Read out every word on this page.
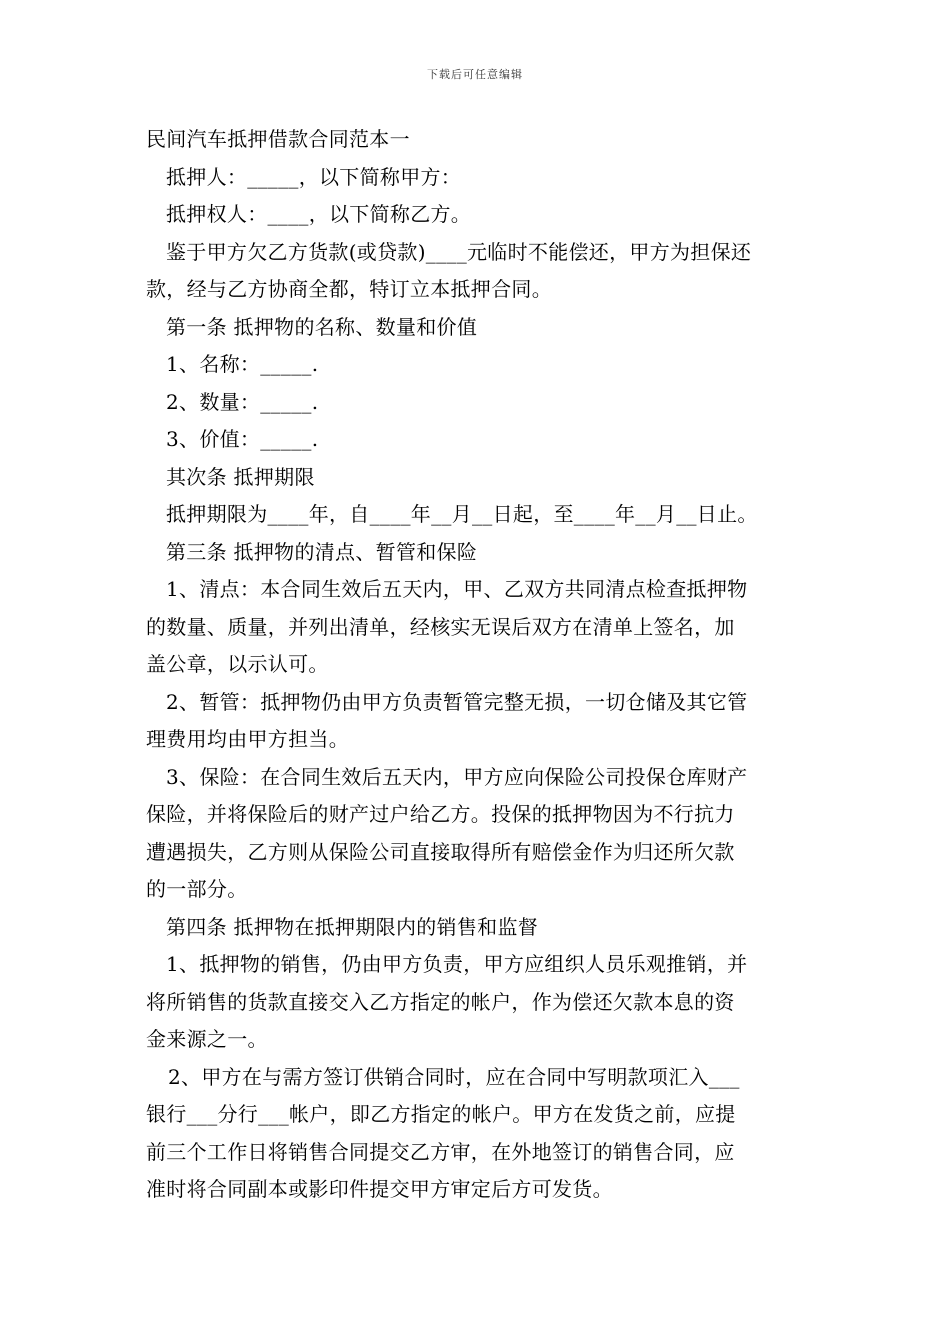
下载后可任意编辑

民间汽车抵押借款合同范本一

抵押人：_____，以下简称甲方：

抵押权人：____，以下简称乙方。

鉴于甲方欠乙方货款(或贷款)____元临时不能偿还，甲方为担保还

款，经与乙方协商全都，特订立本抵押合同。

第一条 抵押物的名称、数量和价值

1、名称：_____.

2、数量：_____.

3、价值：_____.

其次条 抵押期限

抵押期限为____年，自____年__月__日起，至____年__月__日止。

第三条 抵押物的清点、暂管和保险

1、清点：本合同生效后五天内，甲、乙双方共同清点检查抵押物

的数量、质量，并列出清单，经核实无误后双方在清单上签名，加

盖公章，以示认可。

2、暂管：抵押物仍由甲方负责暂管完整无损，一切仓储及其它管

理费用均由甲方担当。

3、保险：在合同生效后五天内，甲方应向保险公司投保仓库财产

保险，并将保险后的财产过户给乙方。投保的抵押物因为不行抗力

遭遇损失，乙方则从保险公司直接取得所有赔偿金作为归还所欠款

的一部分。

第四条 抵押物在抵押期限内的销售和监督

1、抵押物的销售，仍由甲方负责，甲方应组织人员乐观推销，并

将所销售的货款直接交入乙方指定的帐户，作为偿还欠款本息的资

金来源之一。

2、甲方在与需方签订供销合同时，应在合同中写明款项汇入___

银行___分行___帐户，即乙方指定的帐户。甲方在发货之前，应提

前三个工作日将销售合同提交乙方审，在外地签订的销售合同，应

准时将合同副本或影印件提交甲方审定后方可发货。
